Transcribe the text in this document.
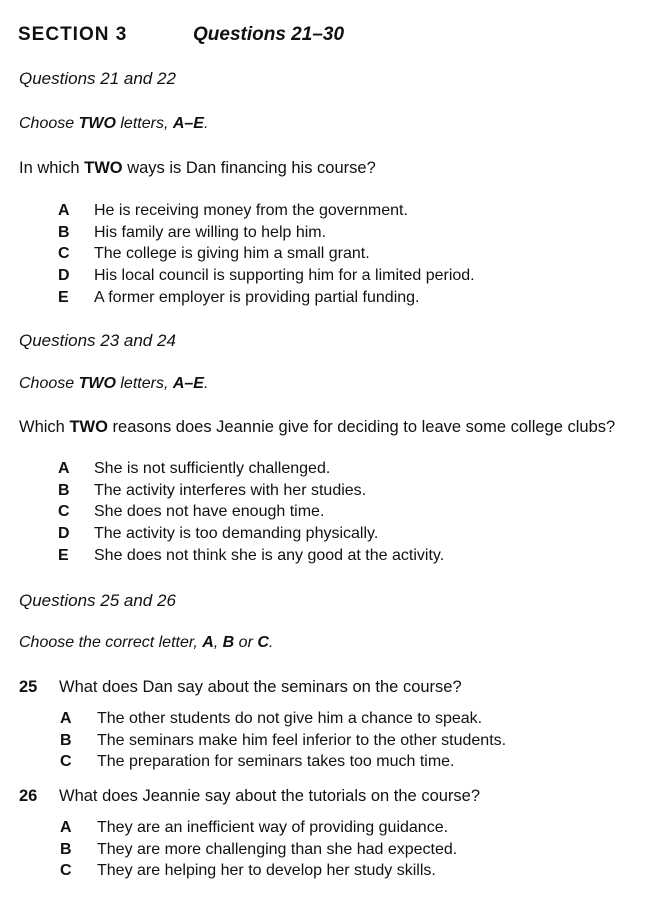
SECTION 3	Questions 21–30
Questions 21 and 22
Choose TWO letters, A–E.
In which TWO ways is Dan financing his course?
A	He is receiving money from the government.
B	His family are willing to help him.
C	The college is giving him a small grant.
D	His local council is supporting him for a limited period.
E	A former employer is providing partial funding.
Questions 23 and 24
Choose TWO letters, A–E.
Which TWO reasons does Jeannie give for deciding to leave some college clubs?
A	She is not sufficiently challenged.
B	The activity interferes with her studies.
C	She does not have enough time.
D	The activity is too demanding physically.
E	She does not think she is any good at the activity.
Questions 25 and 26
Choose the correct letter, A, B or C.
25 What does Dan say about the seminars on the course?
A	The other students do not give him a chance to speak.
B	The seminars make him feel inferior to the other students.
C	The preparation for seminars takes too much time.
26 What does Jeannie say about the tutorials on the course?
A	They are an inefficient way of providing guidance.
B	They are more challenging than she had expected.
C	They are helping her to develop her study skills.
